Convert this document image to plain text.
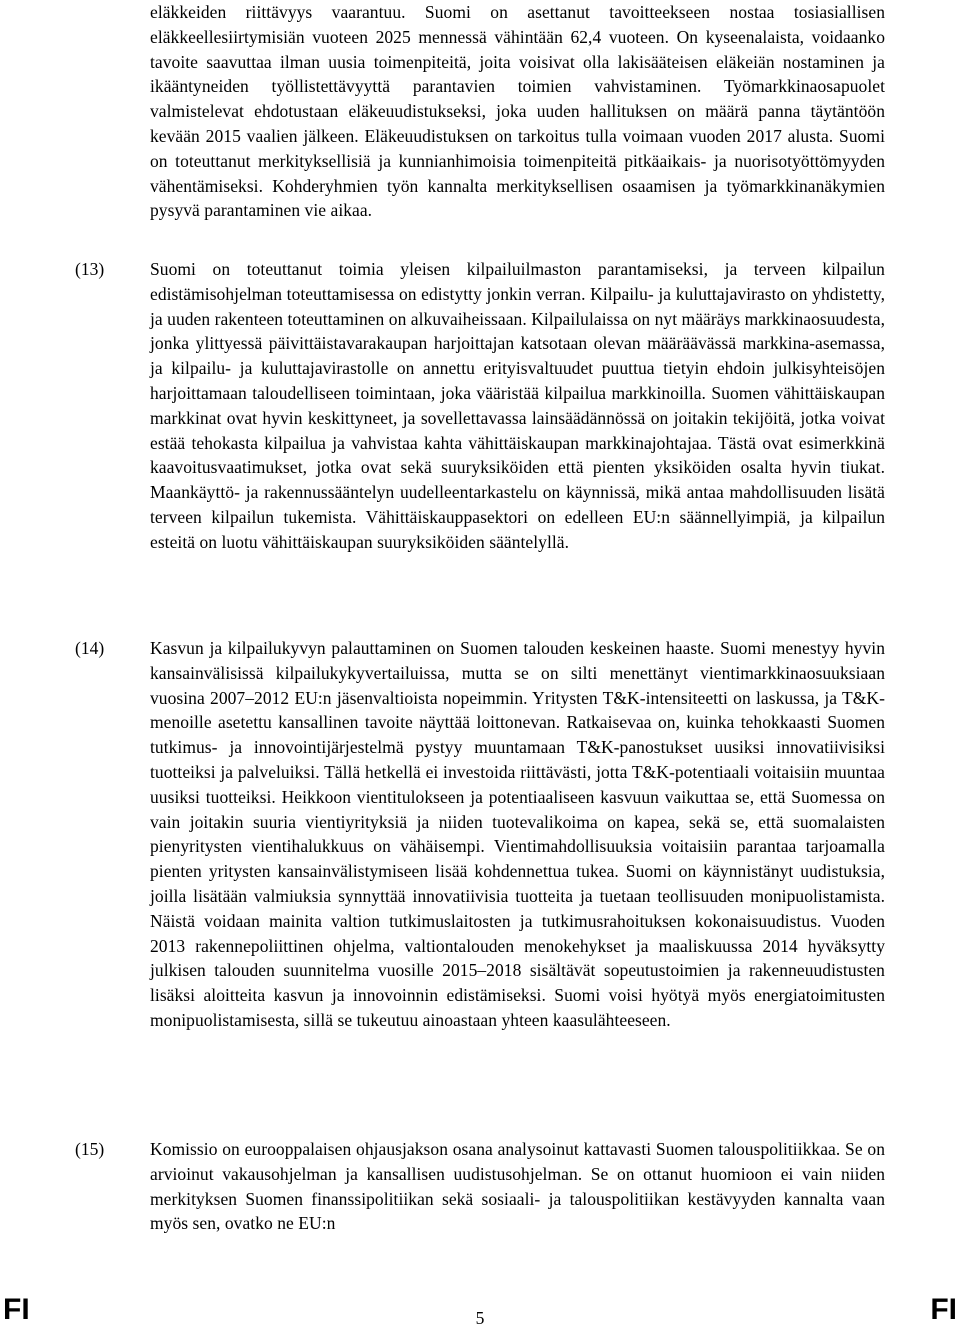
eläkkeiden riittävyys vaarantuu. Suomi on asettanut tavoitteekseen nostaa tosiasiallisen eläkkeellesiirtymisiän vuoteen 2025 mennessä vähintään 62,4 vuoteen. On kyseenalaista, voidaanko tavoite saavuttaa ilman uusia toimenpiteitä, joita voisivat olla lakisääteisen eläkeiän nostaminen ja ikääntyneiden työllistettävyyttä parantavien toimien vahvistaminen. Työmarkkinaosapuolet valmistelevat ehdotustaan eläkeuudistukseksi, joka uuden hallituksen on määrä panna täytäntöön kevään 2015 vaalien jälkeen. Eläkeuudistuksen on tarkoitus tulla voimaan vuoden 2017 alusta. Suomi on toteuttanut merkityksellisiä ja kunnianhimoisia toimenpiteitä pitkäaikais- ja nuorisotyöttömyyden vähentämiseksi. Kohderyhmien työn kannalta merkityksellisen osaamisen ja työmarkkinanäkymien pysyvä parantaminen vie aikaa.

(13)	Suomi on toteuttanut toimia yleisen kilpailuilmaston parantamiseksi, ja terveen kilpailun edistämisohjelman toteuttamisessa on edistytty jonkin verran. Kilpailu- ja kuluttajavirasto on yhdistetty, ja uuden rakenteen toteuttaminen on alkuvaiheissaan. Kilpailulaissa on nyt määräys markkinaosuudesta, jonka ylittyessä päivittäistavarakaupan harjoittajan katsotaan olevan määräävässä markkina-asemassa, ja kilpailu- ja kuluttajavirastolle on annettu erityisvaltuudet puuttua tietyin ehdoin julkisyhteisöjen harjoittamaan taloudelliseen toimintaan, joka vääristää kilpailua markkinoilla. Suomen vähittäiskaupan markkinat ovat hyvin keskittyneet, ja sovellettavassa lainsäädännössä on joitakin tekijöitä, jotka voivat estää tehokasta kilpailua ja vahvistaa kahta vähittäiskaupan markkinajohtajaa. Tästä ovat esimerkkinä kaavoitusvaatimukset, jotka ovat sekä suuryksiköiden että pienten yksiköiden osalta hyvin tiukat. Maankäyttö- ja rakennussääntelyn uudelleentarkastelu on käynnissä, mikä antaa mahdollisuuden lisätä terveen kilpailun tukemista. Vähittäiskauppasektori on edelleen EU:n säännellyimpiä, ja kilpailun esteitä on luotu vähittäiskaupan suuryksiköiden sääntelyllä.

(14)	Kasvun ja kilpailukyvyn palauttaminen on Suomen talouden keskeinen haaste. Suomi menestyy hyvin kansainvälisissä kilpailukykyvertailuissa, mutta se on silti menettänyt vientimarkkinaosuuksiaan vuosina 2007–2012 EU:n jäsenvaltioista nopeimmin. Yritysten T&K-intensiteetti on laskussa, ja T&K-menoille asetettu kansallinen tavoite näyttää loittonevan. Ratkaisevaa on, kuinka tehokkaasti Suomen tutkimus- ja innovointijärjestelmä pystyy muuntamaan T&K-panostukset uusiksi innovatiivisiksi tuotteiksi ja palveluiksi. Tällä hetkellä ei investoida riittävästi, jotta T&K-potentiaali voitaisiin muuntaa uusiksi tuotteiksi. Heikkoon vientitulokseen ja potentiaaliseen kasvuun vaikuttaa se, että Suomessa on vain joitakin suuria vientiyrityksiä ja niiden tuotevalikoima on kapea, sekä se, että suomalaisten pienyritysten vientihalukkuus on vähäisempi. Vientimahdollisuuksia voitaisiin parantaa tarjoamalla pienten yritysten kansainvälistymiseen lisää kohdennettua tukea. Suomi on käynnistänyt uudistuksia, joilla lisätään valmiuksia synnyttää innovatiivisia tuotteita ja tuetaan teollisuuden monipuolistamista. Näistä voidaan mainita valtion tutkimuslaitosten ja tutkimusrahoituksen kokonaisuudistus. Vuoden 2013 rakennepoliittinen ohjelma, valtiontalouden menokehykset ja maaliskuussa 2014 hyväksytty julkisen talouden suunnitelma vuosille 2015–2018 sisältävät sopeutustoimien ja rakenneuudistusten lisäksi aloitteita kasvun ja innovoinnin edistämiseksi. Suomi voisi hyötyä myös energiatoimitusten monipuolistamisesta, sillä se tukeutuu ainoastaan yhteen kaasulähteeseen.

(15)	Komissio on eurooppalaisen ohjausjakson osana analysoinut kattavasti Suomen talouspolitiikkaa. Se on arvioinut vakausohjelman ja kansallisen uudistusohjelman. Se on ottanut huomioon ei vain niiden merkityksen Suomen finanssipolitiikan sekä sosiaali- ja talouspolitiikan kestävyyden kannalta vaan myös sen, ovatko ne EU:n

FI	5	FI
